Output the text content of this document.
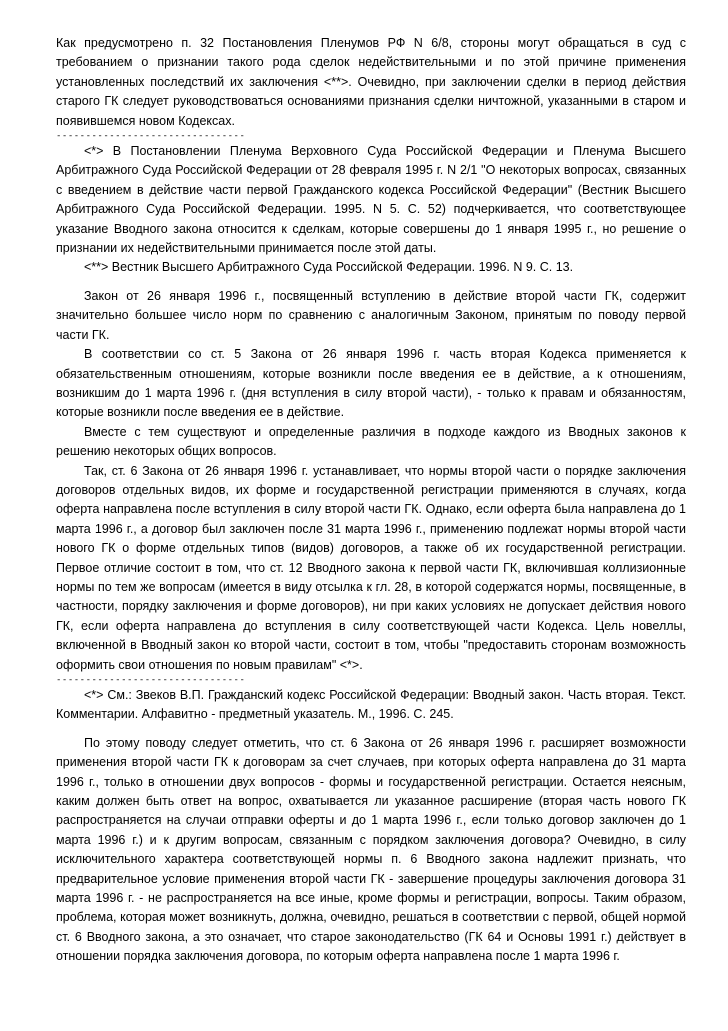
Как предусмотрено п. 32 Постановления Пленумов РФ N 6/8, стороны могут обращаться в суд с требованием о признании такого рода сделок недействительными и по этой причине применения установленных последствий их заключения <**>. Очевидно, при заключении сделки в период действия старого ГК следует руководствоваться основаниями признания сделки ничтожной, указанными в старом и появившемся новом Кодексах.

--------------------------------

<*> В Постановлении Пленума Верховного Суда Российской Федерации и Пленума Высшего Арбитражного Суда Российской Федерации от 28 февраля 1995 г. N 2/1 "О некоторых вопросах, связанных с введением в действие части первой Гражданского кодекса Российской Федерации" (Вестник Высшего Арбитражного Суда Российской Федерации. 1995. N 5. С. 52) подчеркивается, что соответствующее указание Вводного закона относится к сделкам, которые совершены до 1 января 1995 г., но решение о признании их недействительными принимается после этой даты.

<**> Вестник Высшего Арбитражного Суда Российской Федерации. 1996. N 9. С. 13.

Закон от 26 января 1996 г., посвященный вступлению в действие второй части ГК, содержит значительно большее число норм по сравнению с аналогичным Законом, принятым по поводу первой части ГК.

В соответствии со ст. 5 Закона от 26 января 1996 г. часть вторая Кодекса применяется к обязательственным отношениям, которые возникли после введения ее в действие, а к отношениям, возникшим до 1 марта 1996 г. (дня вступления в силу второй части), - только к правам и обязанностям, которые возникли после введения ее в действие.

Вместе с тем существуют и определенные различия в подходе каждого из Вводных законов к решению некоторых общих вопросов.

Так, ст. 6 Закона от 26 января 1996 г. устанавливает, что нормы второй части о порядке заключения договоров отдельных видов, их форме и государственной регистрации применяются в случаях, когда оферта направлена после вступления в силу второй части ГК. Однако, если оферта была направлена до 1 марта 1996 г., а договор был заключен после 31 марта 1996 г., применению подлежат нормы второй части нового ГК о форме отдельных типов (видов) договоров, а также об их государственной регистрации. Первое отличие состоит в том, что ст. 12 Вводного закона к первой части ГК, включившая коллизионные нормы по тем же вопросам (имеется в виду отсылка к гл. 28, в которой содержатся нормы, посвященные, в частности, порядку заключения и форме договоров), ни при каких условиях не допускает действия нового ГК, если оферта направлена до вступления в силу соответствующей части Кодекса. Цель новеллы, включенной в Вводный закон ко второй части, состоит в том, чтобы "предоставить сторонам возможность оформить свои отношения по новым правилам" <*>.

--------------------------------

<*> См.: Звеков В.П. Гражданский кодекс Российской Федерации: Вводный закон. Часть вторая. Текст. Комментарии. Алфавитно - предметный указатель. М., 1996. С. 245.

По этому поводу следует отметить, что ст. 6 Закона от 26 января 1996 г. расширяет возможности применения второй части ГК к договорам за счет случаев, при которых оферта направлена до 31 марта 1996 г., только в отношении двух вопросов - формы и государственной регистрации. Остается неясным, каким должен быть ответ на вопрос, охватывается ли указанное расширение (вторая часть нового ГК распространяется на случаи отправки оферты и до 1 марта 1996 г., если только договор заключен до 1 марта 1996 г.) и к другим вопросам, связанным с порядком заключения договора? Очевидно, в силу исключительного характера соответствующей нормы п. 6 Вводного закона надлежит признать, что предварительное условие применения второй части ГК - завершение процедуры заключения договора 31 марта 1996 г. - не распространяется на все иные, кроме формы и регистрации, вопросы. Таким образом, проблема, которая может возникнуть, должна, очевидно, решаться в соответствии с первой, общей нормой ст. 6 Вводного закона, а это означает, что старое законодательство (ГК 64 и Основы 1991 г.) действует в отношении порядка заключения договора, по которым оферта направлена после 1 марта 1996 г.
